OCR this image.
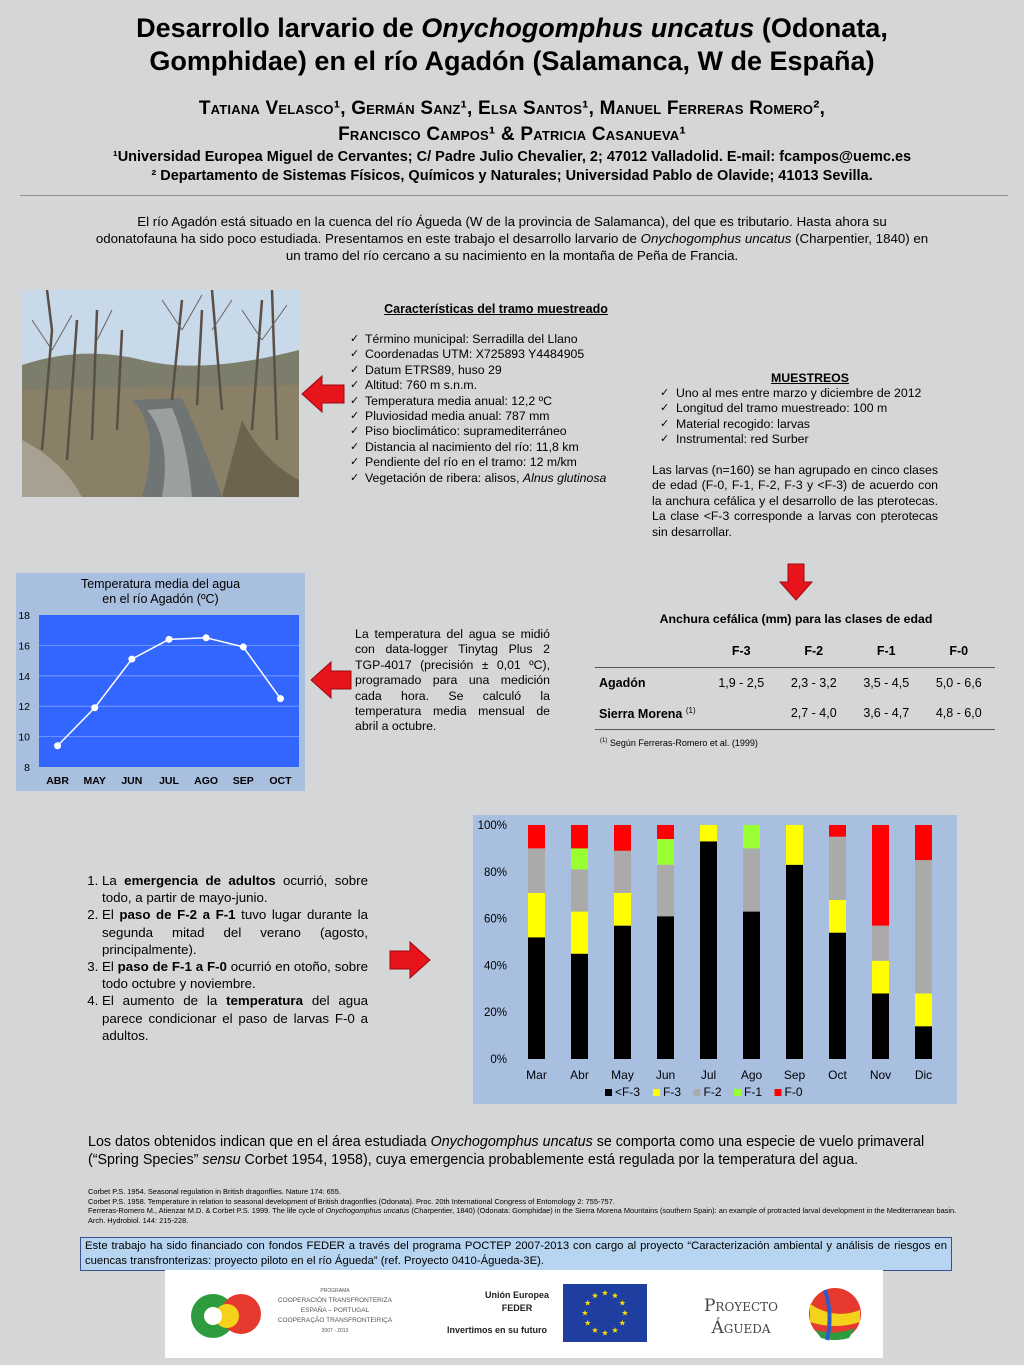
Desarrollo larvario de Onychogomphus uncatus (Odonata,
Gomphidae) en el río Agadón (Salamanca, W de España)
Tatiana Velasco¹, Germán Sanz¹, Elsa Santos¹, Manuel Ferreras Romero²,
Francisco Campos¹ & Patricia Casanueva¹
¹Universidad Europea Miguel de Cervantes; C/ Padre Julio Chevalier, 2; 47012 Valladolid. E-mail: fcampos@uemc.es
² Departamento de Sistemas Físicos, Químicos y Naturales; Universidad Pablo de Olavide; 41013 Sevilla.
El río Agadón está situado en la cuenca del río Águeda (W de la provincia de Salamanca), del que es tributario. Hasta ahora su odonatofauna ha sido poco estudiada. Presentamos en este trabajo el desarrollo larvario de Onychogomphus uncatus (Charpentier, 1840) en un tramo del río cercano a su nacimiento en la montaña de Peña de Francia.
Características del tramo muestreado
✓ Término municipal: Serradilla del Llano
✓ Coordenadas UTM: X725893 Y4484905
✓ Datum ETRS89, huso 29
✓ Altitud: 760 m s.n.m.
✓ Temperatura media anual: 12,2 ºC
✓ Pluviosidad media anual: 787 mm
✓ Piso bioclimático: supramediterráneo
✓ Distancia al nacimiento del río: 11,8 km
✓ Pendiente del río en el tramo: 12 m/km
✓ Vegetación de ribera: alisos, Alnus glutinosa
MUESTREOS
✓ Uno al mes entre marzo y diciembre de 2012
✓ Longitud del tramo muestreado: 100 m
✓ Material recogido: larvas
✓ Instrumental: red Surber
Las larvas (n=160) se han agrupado en cinco clases de edad (F-0, F-1, F-2, F-3 y <F-3) de acuerdo con la anchura cefálica y el desarrollo de las pterotecas. La clase <F-3 corresponde a larvas con pterotecas sin desarrollar.
Temperatura media del agua
en el río Agadón (ºC)
8
10
12
14
16
18
ABR MAY JUN JUL AGO SEP OCT
La temperatura del agua se midió con data-logger Tinytag Plus 2 TGP-4017 (precisión ± 0,01 ºC), programado para una medición cada hora. Se calculó la temperatura media mensual de abril a octubre.
Anchura cefálica (mm) para las clases de edad
	F-3	F-2	F-1	F-0
Agadón	1,9 - 2,5	2,3 - 3,2	3,5 - 4,5	5,0 - 6,6
Sierra Morena $^{(1)}$		2,7 - 4,0	3,6 - 4,7	4,8 - 6,0
$^{(1)}$ Según Ferreras-Romero et al. (1999)
1. La emergencia de adultos ocurrió, sobre todo, a partir de mayo-junio.
2. El paso de F-2 a F-1 tuvo lugar durante la segunda mitad del verano (agosto, principalmente).
3. El paso de F-1 a F-0 ocurrió en otoño, sobre todo octubre y noviembre.
4. El aumento de la temperatura del agua parece condicionar el paso de larvas F-0 a adultos.
0%
20%
40%
60%
80%
100%
Mar Abr May Jun Jul Ago Sep Oct Nov Dic
<F-3 F-3 F-2 F-1 F-0
Los datos obtenidos indican que en el área estudiada Onychogomphus uncatus se comporta como una especie de vuelo primaveral (“Spring Species” sensu Corbet 1954, 1958), cuya emergencia probablemente está regulada por la temperatura del agua.
Corbet P.S. 1954. Seasonal regulation in British dragonflies. Nature 174: 655.
Corbet P.S. 1958. Temperature in relation to seasonal development of British dragonflies (Odonata). Proc. 20th International Congress of Entomology 2: 755-757.
Ferreras-Romero M., Atienzar M.D. & Corbet P.S. 1999. The life cycle of Onychogomphus uncatus (Charpentier, 1840) (Odonata: Gomphidae) in the Sierra Morena Mountains (southern Spain): an example of protracted larval development in the Mediterranean basin. Arch. Hydrobiol. 144: 215-228.
Este trabajo ha sido financiado con fondos FEDER a través del programa POCTEP 2007-2013 con cargo al proyecto “Caracterización ambiental y análisis de riesgos en cuencas transfronterizas: proyecto piloto en el río Águeda” (ref. Proyecto 0410-Águeda-3E).
PROGRAMA
COOPERACIÓN TRANSFRONTERIZA
ESPAÑA – PORTUGAL
COOPERAÇÃO TRANSFRONTEIRIÇA
2007 - 2013
Unión Europea
FEDER
Invertimos en su futuro
Proyecto
Águeda
